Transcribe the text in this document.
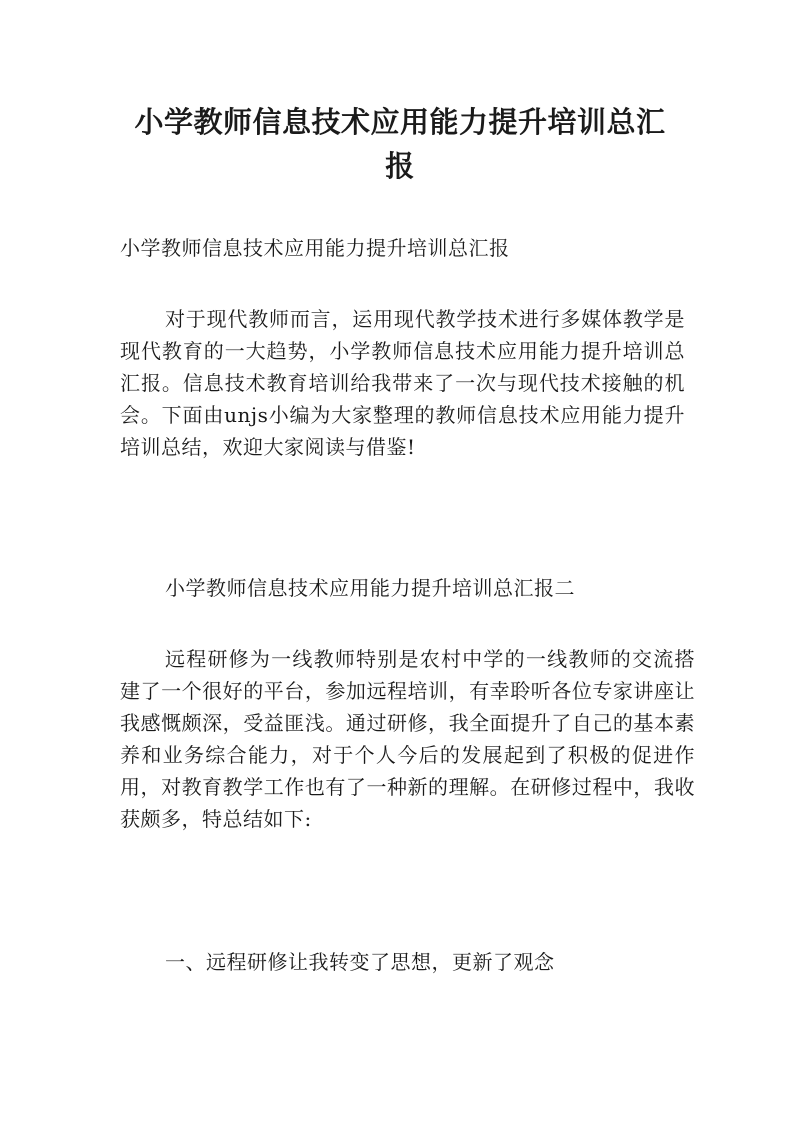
小学教师信息技术应用能力提升培训总汇报
小学教师信息技术应用能力提升培训总汇报
对于现代教师而言，运用现代教学技术进行多媒体教学是现代教育的一大趋势，小学教师信息技术应用能力提升培训总汇报。信息技术教育培训给我带来了一次与现代技术接触的机会。下面由unjs小编为大家整理的教师信息技术应用能力提升培训总结，欢迎大家阅读与借鉴!
小学教师信息技术应用能力提升培训总汇报二
远程研修为一线教师特别是农村中学的一线教师的交流搭建了一个很好的平台，参加远程培训，有幸聆听各位专家讲座让我感慨颇深，受益匪浅。通过研修，我全面提升了自己的基本素养和业务综合能力，对于个人今后的发展起到了积极的促进作用，对教育教学工作也有了一种新的理解。在研修过程中，我收获颇多，特总结如下:
一、远程研修让我转变了思想，更新了观念
